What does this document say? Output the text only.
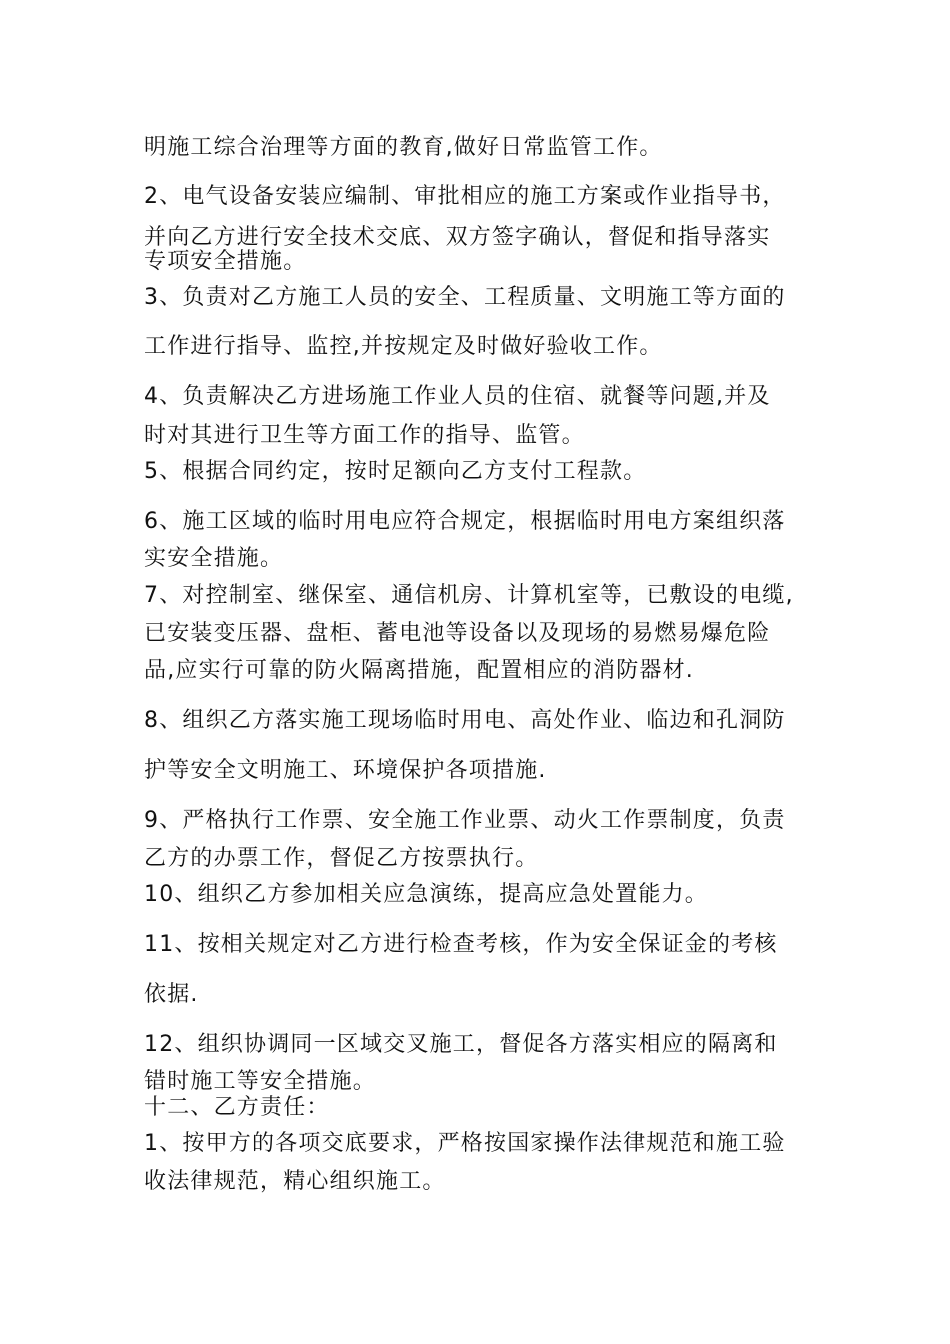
明施工综合治理等方面的教育,做好日常监管工作。
2、电气设备安装应编制、审批相应的施工方案或作业指导书，
并向乙方进行安全技术交底、双方签字确认，督促和指导落实
专项安全措施。
3、负责对乙方施工人员的安全、工程质量、文明施工等方面的
工作进行指导、监控,并按规定及时做好验收工作。
4、负责解决乙方进场施工作业人员的住宿、就餐等问题,并及
时对其进行卫生等方面工作的指导、监管。
5、根据合同约定，按时足额向乙方支付工程款。
6、施工区域的临时用电应符合规定，根据临时用电方案组织落
实安全措施。
7、对控制室、继保室、通信机房、计算机室等，已敷设的电缆,
已安装变压器、盘柜、蓄电池等设备以及现场的易燃易爆危险
品,应实行可靠的防火隔离措施，配置相应的消防器材.
8、组织乙方落实施工现场临时用电、高处作业、临边和孔洞防
护等安全文明施工、环境保护各项措施.
9、严格执行工作票、安全施工作业票、动火工作票制度，负责
乙方的办票工作，督促乙方按票执行。
10、组织乙方参加相关应急演练，提高应急处置能力。
11、按相关规定对乙方进行检查考核，作为安全保证金的考核
依据.
12、组织协调同一区域交叉施工，督促各方落实相应的隔离和
错时施工等安全措施。
十二、乙方责任：
1、按甲方的各项交底要求，严格按国家操作法律规范和施工验
收法律规范，精心组织施工。
